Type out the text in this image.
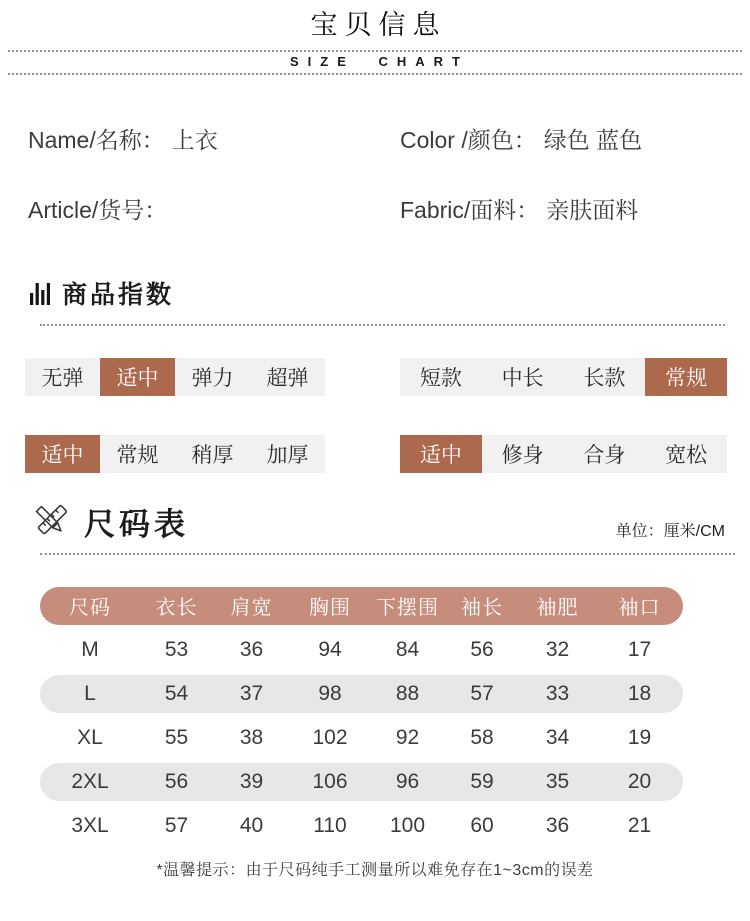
宝贝信息
SIZE CHART
Name/名称： 上衣	Color /颜色： 绿色 蓝色
Article/货号：	Fabric/面料： 亲肤面料
商品指数
无弹	适中	弹力	超弹	短款	中长	长款	常规
适中	常规	稍厚	加厚	适中	修身	合身	宽松
尺码表	单位：厘米/CM
尺码	衣长	肩宽	胸围	下摆围	袖长	袖肥	袖口
M	53	36	94	84	56	32	17
L	54	37	98	88	57	33	18
XL	55	38	102	92	58	34	19
2XL	56	39	106	96	59	35	20
3XL	57	40	110	100	60	36	21

*温馨提示：由于尺码纯手工测量所以难免存在1~3cm的误差
